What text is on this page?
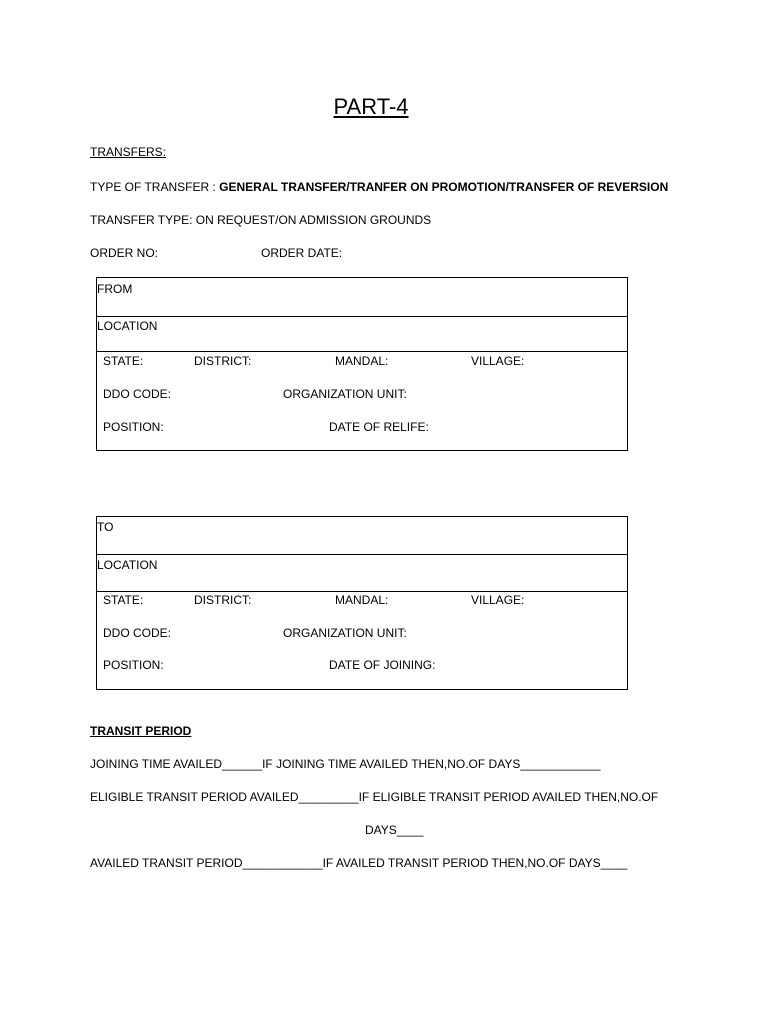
PART-4
TRANSFERS:
TYPE OF TRANSFER : GENERAL TRANSFER/TRANFER ON PROMOTION/TRANSFER OF REVERSION
TRANSFER TYPE: ON REQUEST/ON ADMISSION GROUNDS
ORDER NO:	ORDER DATE:
FROM
LOCATION
STATE:	DISTRICT:	MANDAL:	VILLAGE:
DDO CODE:	ORGANIZATION UNIT:
POSITION:	DATE OF RELIFE:
TO
LOCATION
STATE:	DISTRICT:	MANDAL:	VILLAGE:
DDO CODE:	ORGANIZATION UNIT:
POSITION:	DATE OF JOINING:
TRANSIT PERIOD
JOINING TIME AVAILED______IF JOINING TIME AVAILED THEN,NO.OF DAYS____________
ELIGIBLE TRANSIT PERIOD AVAILED_________IF ELIGIBLE TRANSIT PERIOD AVAILED THEN,NO.OF
DAYS____
AVAILED TRANSIT PERIOD____________IF AVAILED TRANSIT PERIOD THEN,NO.OF DAYS____
